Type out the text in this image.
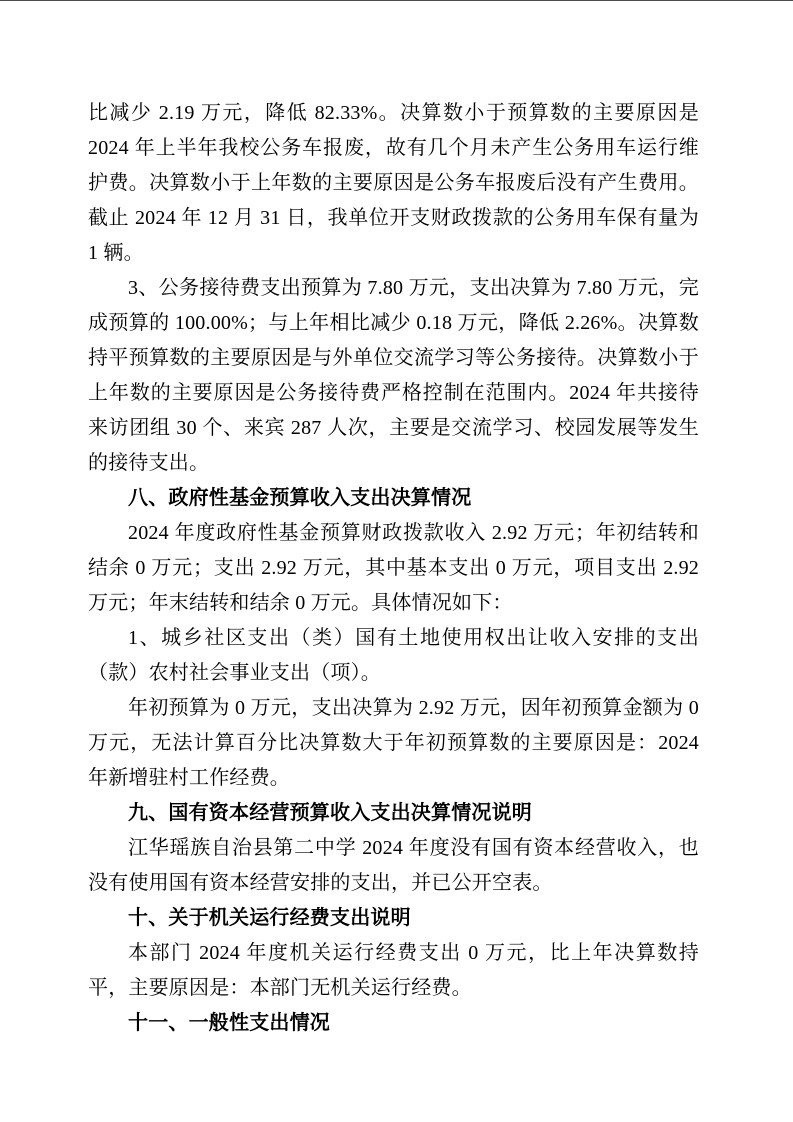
比减少 2.19 万元，降低 82.33%。决算数小于预算数的主要原因是 2024 年上半年我校公务车报废，故有几个月未产生公务用车运行维护费。决算数小于上年数的主要原因是公务车报废后没有产生费用。截止 2024 年 12 月 31 日，我单位开支财政拨款的公务用车保有量为 1 辆。

3、公务接待费支出预算为 7.80 万元，支出决算为 7.80 万元，完成预算的 100.00%；与上年相比减少 0.18 万元，降低 2.26%。决算数持平预算数的主要原因是与外单位交流学习等公务接待。决算数小于上年数的主要原因是公务接待费严格控制在范围内。2024 年共接待来访团组 30 个、来宾 287 人次，主要是交流学习、校园发展等发生的接待支出。

八、政府性基金预算收入支出决算情况

2024 年度政府性基金预算财政拨款收入 2.92 万元；年初结转和结余 0 万元；支出 2.92 万元，其中基本支出 0 万元，项目支出 2.92 万元；年末结转和结余 0 万元。具体情况如下：

1、城乡社区支出（类）国有土地使用权出让收入安排的支出（款）农村社会事业支出（项）。

年初预算为 0 万元，支出决算为 2.92 万元，因年初预算金额为 0 万元，无法计算百分比决算数大于年初预算数的主要原因是：2024 年新增驻村工作经费。

九、国有资本经营预算收入支出决算情况说明

江华瑶族自治县第二中学 2024 年度没有国有资本经营收入，也没有使用国有资本经营安排的支出，并已公开空表。

十、关于机关运行经费支出说明

本部门 2024 年度机关运行经费支出 0 万元，比上年决算数持平，主要原因是：本部门无机关运行经费。

十一、一般性支出情况
